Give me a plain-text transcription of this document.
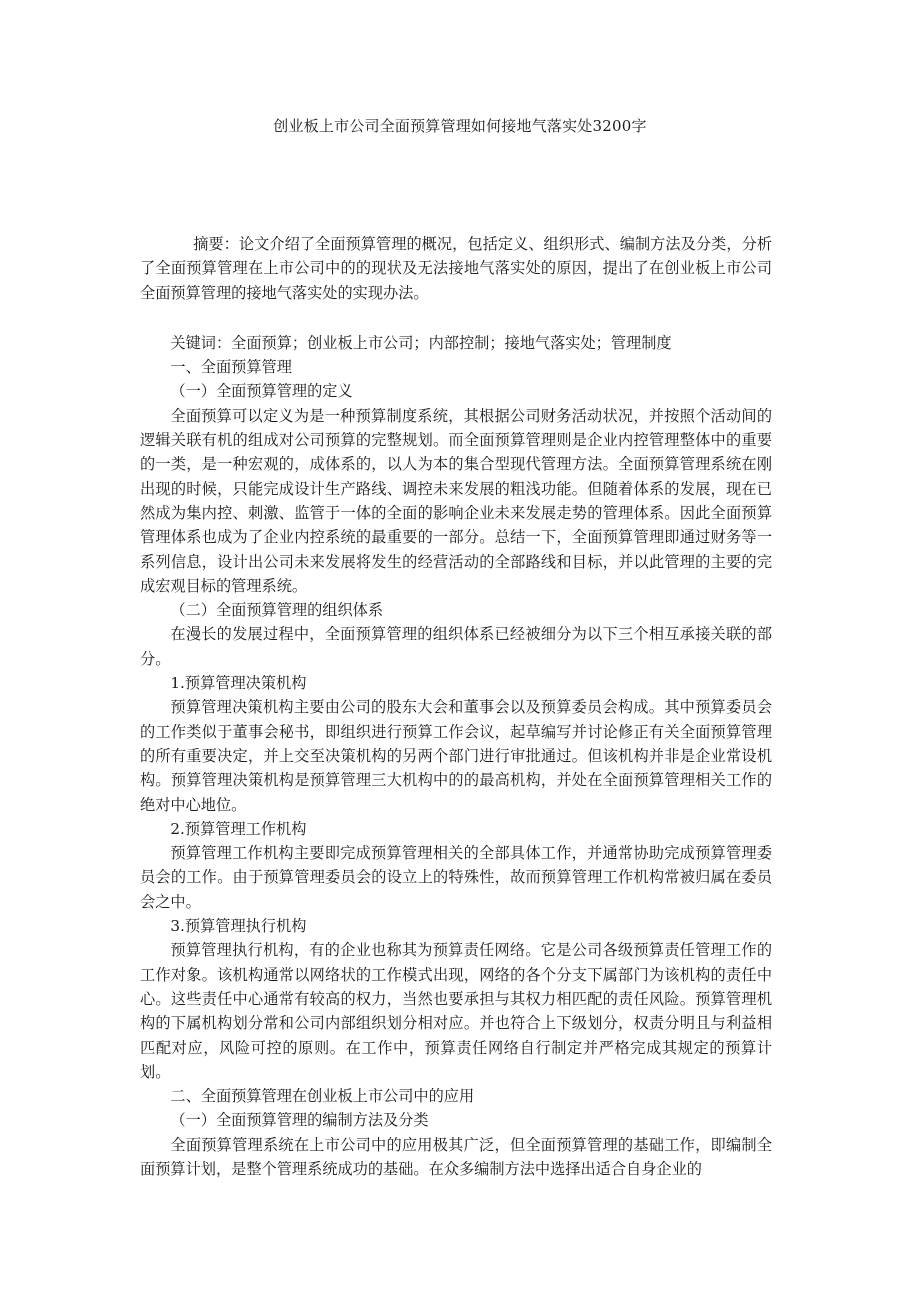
创业板上市公司全面预算管理如何接地气落实处3200字

摘要：论文介绍了全面预算管理的概况，包括定义、组织形式、编制方法及分类，分析了全面预算管理在上市公司中的的现状及无法接地气落实处的原因，提出了在创业板上市公司全面预算管理的接地气落实处的实现办法。

关键词：全面预算；创业板上市公司；内部控制；接地气落实处；管理制度

一、全面预算管理

（一）全面预算管理的定义

全面预算可以定义为是一种预算制度系统，其根据公司财务活动状况，并按照个活动间的逻辑关联有机的组成对公司预算的完整规划。而全面预算管理则是企业内控管理整体中的重要的一类，是一种宏观的，成体系的，以人为本的集合型现代管理方法。全面预算管理系统在刚出现的时候，只能完成设计生产路线、调控未来发展的粗浅功能。但随着体系的发展，现在已然成为集内控、刺激、监管于一体的全面的影响企业未来发展走势的管理体系。因此全面预算管理体系也成为了企业内控系统的最重要的一部分。总结一下，全面预算管理即通过财务等一系列信息，设计出公司未来发展将发生的经营活动的全部路线和目标，并以此管理的主要的完成宏观目标的管理系统。

（二）全面预算管理的组织体系

在漫长的发展过程中，全面预算管理的组织体系已经被细分为以下三个相互承接关联的部分。

1.预算管理决策机构

预算管理决策机构主要由公司的股东大会和董事会以及预算委员会构成。其中预算委员会的工作类似于董事会秘书，即组织进行预算工作会议，起草编写并讨论修正有关全面预算管理的所有重要决定，并上交至决策机构的另两个部门进行审批通过。但该机构并非是企业常设机构。预算管理决策机构是预算管理三大机构中的的最高机构，并处在全面预算管理相关工作的绝对中心地位。

2.预算管理工作机构

预算管理工作机构主要即完成预算管理相关的全部具体工作，并通常协助完成预算管理委员会的工作。由于预算管理委员会的设立上的特殊性，故而预算管理工作机构常被归属在委员会之中。

3.预算管理执行机构

预算管理执行机构，有的企业也称其为预算责任网络。它是公司各级预算责任管理工作的工作对象。该机构通常以网络状的工作模式出现，网络的各个分支下属部门为该机构的责任中心。这些责任中心通常有较高的权力，当然也要承担与其权力相匹配的责任风险。预算管理机构的下属机构划分常和公司内部组织划分相对应。并也符合上下级划分，权责分明且与利益相匹配对应，风险可控的原则。在工作中，预算责任网络自行制定并严格完成其规定的预算计划。

二、全面预算管理在创业板上市公司中的应用

（一）全面预算管理的编制方法及分类

全面预算管理系统在上市公司中的应用极其广泛，但全面预算管理的基础工作，即编制全面预算计划，是整个管理系统成功的基础。在众多编制方法中选择出适合自身企业的
